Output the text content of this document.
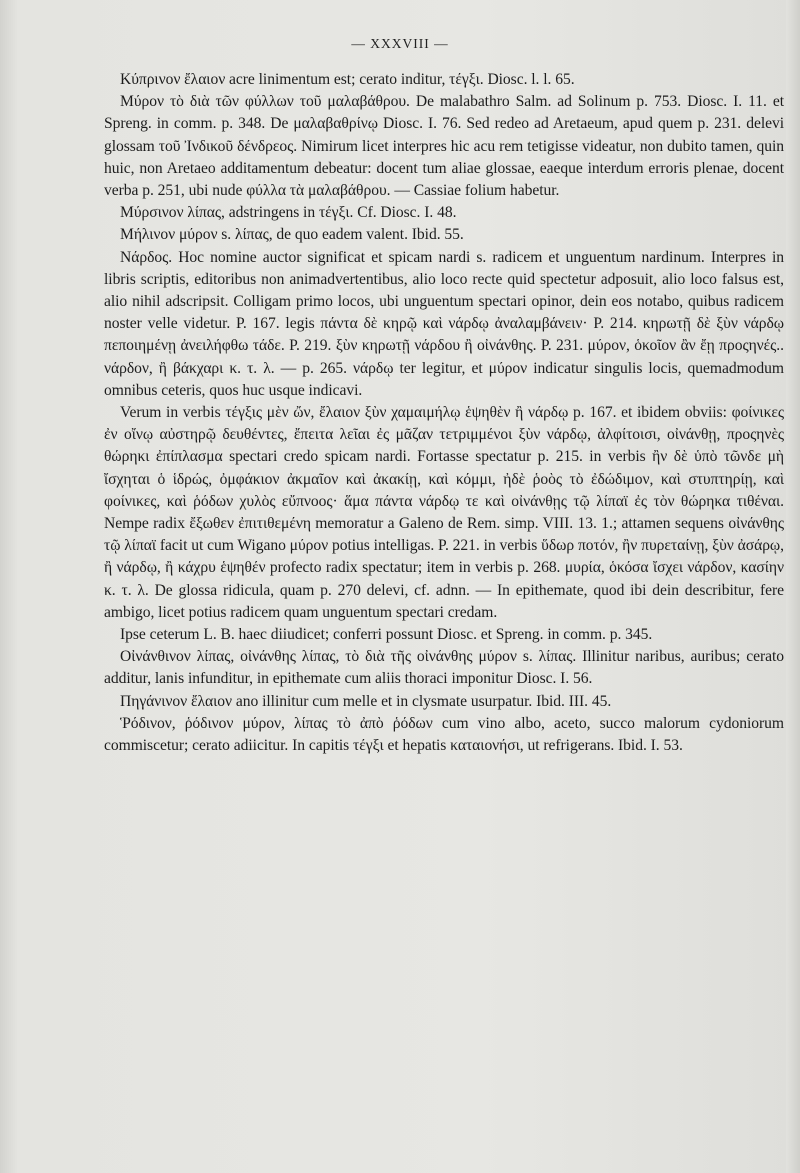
— XXXVIII —

Κύπρινον ἔλαιον acre linimentum est; cerato inditur, τέγξι. Diosc. l. l. 65.

Μύρον τὸ διὰ τῶν φύλλων τοῦ μαλαβάθρου. De malabathro Salm. ad Solinum p. 753. Diosc. I. 11. et Spreng. in comm. p. 348. De μαλαβαθρίνῳ Diosc. I. 76. Sed redeo ad Aretaeum, apud quem p. 231. delevi glossam τοῦ Ἰνδικοῦ δένδρεος. Nimirum licet interpres hic acu rem tetigisse videatur, non dubito tamen, quin huic, non Aretaeo additamentum debeatur: docent tum aliae glossae, eaeque interdum erroris plenae, docent verba p. 251, ubi nude φύλλα τὰ μαλαβάθρου. — Cassiae folium habetur.

Μύρσινον λίπας, adstringens in τέγξι. Cf. Diosc. I. 48.

Μήλινον μύρον s. λίπας, de quo eadem valent. Ibid. 55.

Νάρδος. Hoc nomine auctor significat et spicam nardi s. radicem et unguentum nardinum. Interpres in libris scriptis, editoribus non animadvertentibus, alio loco recte quid spectetur adposuit, alio loco falsus est, alio nihil adscripsit. Colligam primo locos, ubi unguentum spectari opinor, dein eos notabo, quibus radicem noster velle videtur. P. 167. legis πάντα δὲ κηρῷ καὶ νάρδῳ ἀναλαμβάνειν· P. 214. κηρωτῇ δὲ ξὺν νάρδῳ πεποιημένῃ ἀνειλήφθω τάδε. P. 219. ξὺν κηρωτῇ νάρδου ἢ οἰνάνθης. P. 231. μύρον, ὁκοῖον ἂν ἔῃ προςηνές.. νάρδον, ἢ βάκχαρι κ. τ. λ. — p. 265. νάρδῳ ter legitur, et μύρον indicatur singulis locis, quemadmodum omnibus ceteris, quos huc usque indicavi.

Verum in verbis τέγξις μὲν ὤν, ἔλαιον ξὺν χαμαιμήλῳ ἑψηθὲν ἢ νάρδῳ p. 167. et ibidem obviis: φοίνικες ἐν οἴνῳ αὐστηρῷ δευθέντες, ἔπειτα λεῖαι ἐς μᾶζαν τετριμμένοι ξὺν νάρδῳ, ἀλφίτοισι, οἰνάνθῃ, προςηνὲς θώρηκι ἐπίπλασμα spectari credo spicam nardi. Fortasse spectatur p. 215. in verbis ἢν δὲ ὑπὸ τῶνδε μὴ ἴσχηται ὁ ἱδρώς, ὀμφάκιον ἀκμαῖον καὶ ἀκακίῃ, καὶ κόμμι, ἠδὲ ῥοὸς τὸ ἐδώδιμον, καὶ στυπτηρίῃ, καὶ φοίνικες, καὶ ῥόδων χυλὸς εὔπνοος· ἅμα πάντα νάρδῳ τε καὶ οἰνάνθῃς τῷ λίπαϊ ἐς τὸν θώρηκα τιθέναι. Nempe radix ἔξωθεν ἐπιτιθεμένη memoratur a Galeno de Rem. simp. VIII. 13. 1.; attamen sequens οἰνάνθης τῷ λίπαϊ facit ut cum Wigano μύρον potius intelligas. P. 221. in verbis ὕδωρ ποτόν, ἢν πυρεταίνῃ, ξὺν ἀσάρῳ, ἢ νάρδῳ, ἢ κάχρυ ἑψηθέν profecto radix spectatur; item in verbis p. 268. μυρία, ὁκόσα ἴσχει νάρδον, κασίην κ. τ. λ. De glossa ridicula, quam p. 270 delevi, cf. adnn. — In epithemate, quod ibi dein describitur, fere ambigo, licet potius radicem quam unguentum spectari credam.

Ipse ceterum L. B. haec diiudicet; conferri possunt Diosc. et Spreng. in comm. p. 345.

Οἰνάνθινον λίπας, οἰνάνθης λίπας, τὸ διὰ τῆς οἰνάνθης μύρον s. λίπας. Illinitur naribus, auribus; cerato additur, lanis infunditur, in epithemate cum aliis thoraci imponitur Diosc. I. 56.

Πηγάνινον ἔλαιον ano illinitur cum melle et in clysmate usurpatur. Ibid. III. 45.

Ῥόδινον, ῥόδινον μύρον, λίπας τὸ ἀπὸ ῥόδων cum vino albo, aceto, succo malorum cydoniorum commiscetur; cerato adiicitur. In capitis τέγξι et hepatis καταιονήσι, ut refrigerans. Ibid. I. 53.
